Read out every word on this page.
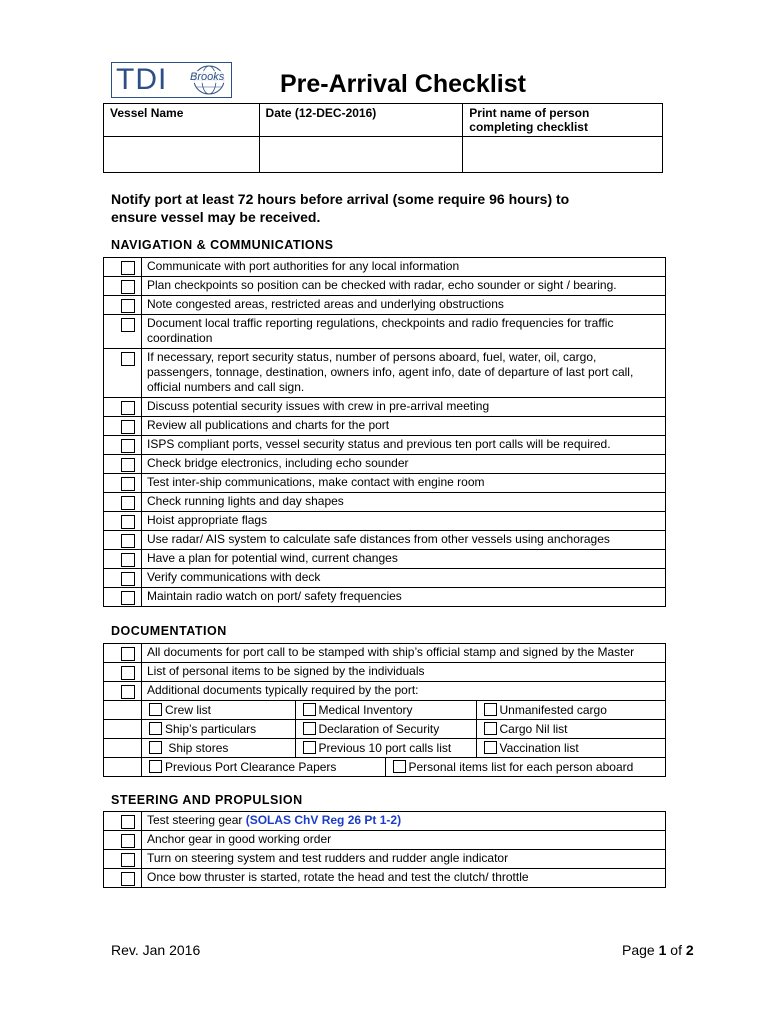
TDI Brooks Pre-Arrival Checklist
Vessel Name	Date (12-DEC-2016)	Print name of person
completing checklist

Notify port at least 72 hours before arrival (some require 96 hours) to
ensure vessel may be received.
NAVIGATION & COMMUNICATIONS
	Communicate with port authorities for any local information

	Plan checkpoints so position can be checked with radar, echo sounder or sight / bearing.

	Note congested areas, restricted areas and underlying obstructions

	Document local traffic reporting regulations, checkpoints and radio frequencies for traffic coordination

	If necessary, report security status, number of persons aboard, fuel, water, oil, cargo, passengers, tonnage, destination, owners info, agent info, date of departure of last port call, official numbers and call sign.

	Discuss potential security issues with crew in pre-arrival meeting

	Review all publications and charts for the port

	ISPS compliant ports, vessel security status and previous ten port calls will be required.

	Check bridge electronics, including echo sounder

	Test inter-ship communications, make contact with engine room

	Check running lights and day shapes

	Hoist appropriate flags

	Use radar/ AIS system to calculate safe distances from other vessels using anchorages

	Have a plan for potential wind, current changes

	Verify communications with deck

	Maintain radio watch on port/ safety frequencies
DOCUMENTATION
	All documents for port call to be stamped with ship’s official stamp and signed by the Master

	List of personal items to be signed by the individuals

	Additional documents typically required by the port:

Crew list	Medical Inventory	Unmanifested cargo

Ship’s particulars	Declaration of Security	Cargo Nil list

Ship stores	Previous 10 port calls list	Vaccination list

Previous Port Clearance Papers	Personal items list for each person aboard
STEERING AND PROPULSION
	Test steering gear (SOLAS ChV Reg 26 Pt 1-2)

	Anchor gear in good working order

	Turn on steering system and test rudders and rudder angle indicator

	Once bow thruster is started, rotate the head and test the clutch/ throttle
Rev. Jan 2016	Page 1 of 2
